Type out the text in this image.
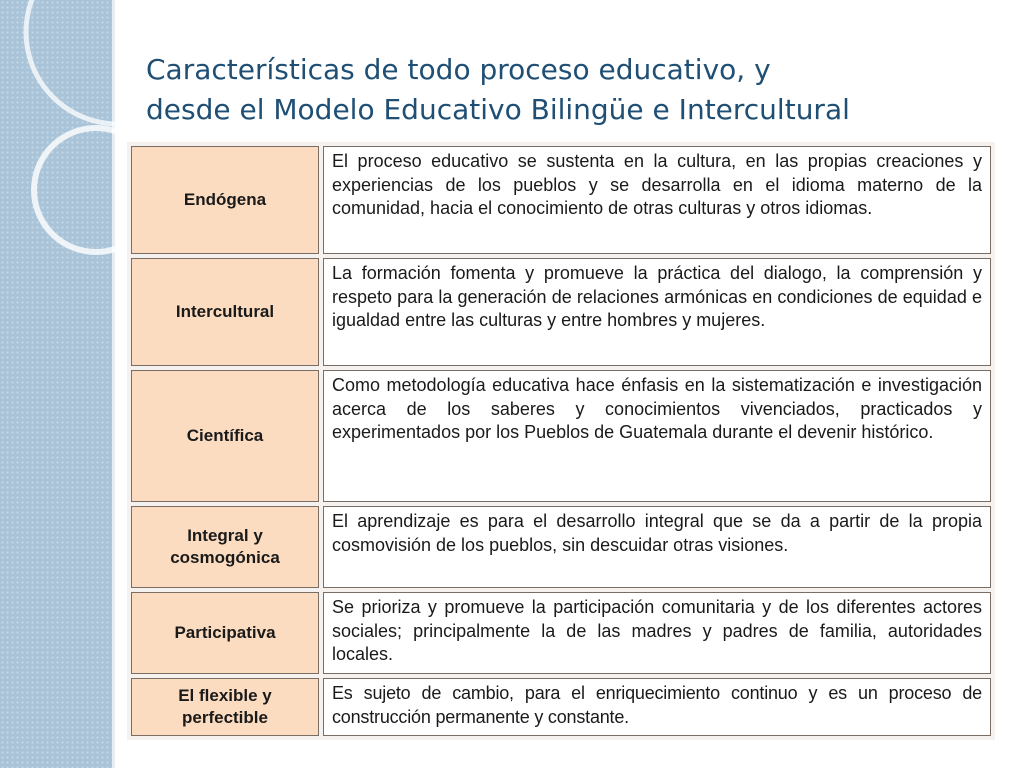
Características de todo proceso educativo, y
desde el Modelo Educativo Bilingüe e Intercultural
Endógena	El proceso educativo se sustenta en la cultura, en las propias creaciones y experiencias de los pueblos y se desarrolla en el idioma materno de la comunidad, hacia el conocimiento de otras culturas y otros idiomas.

Intercultural	La formación fomenta y promueve la práctica del dialogo, la comprensión y respeto para la generación de relaciones armónicas en condiciones de equidad e igualdad entre las culturas y entre hombres y mujeres.

Científica	Como metodología educativa hace énfasis en la sistematización e investigación acerca de los saberes y conocimientos vivenciados, practicados y experimentados por los Pueblos de Guatemala durante el devenir histórico.

Integral y cosmogónica	El aprendizaje es para el desarrollo integral que se da a partir de la propia cosmovisión de los pueblos, sin descuidar otras visiones.

Participativa	Se prioriza y promueve la participación comunitaria y de los diferentes actores sociales; principalmente la de las madres y padres de familia, autoridades locales.

El flexible y perfectible	Es sujeto de cambio, para el enriquecimiento continuo y es un proceso de construcción permanente y constante.
